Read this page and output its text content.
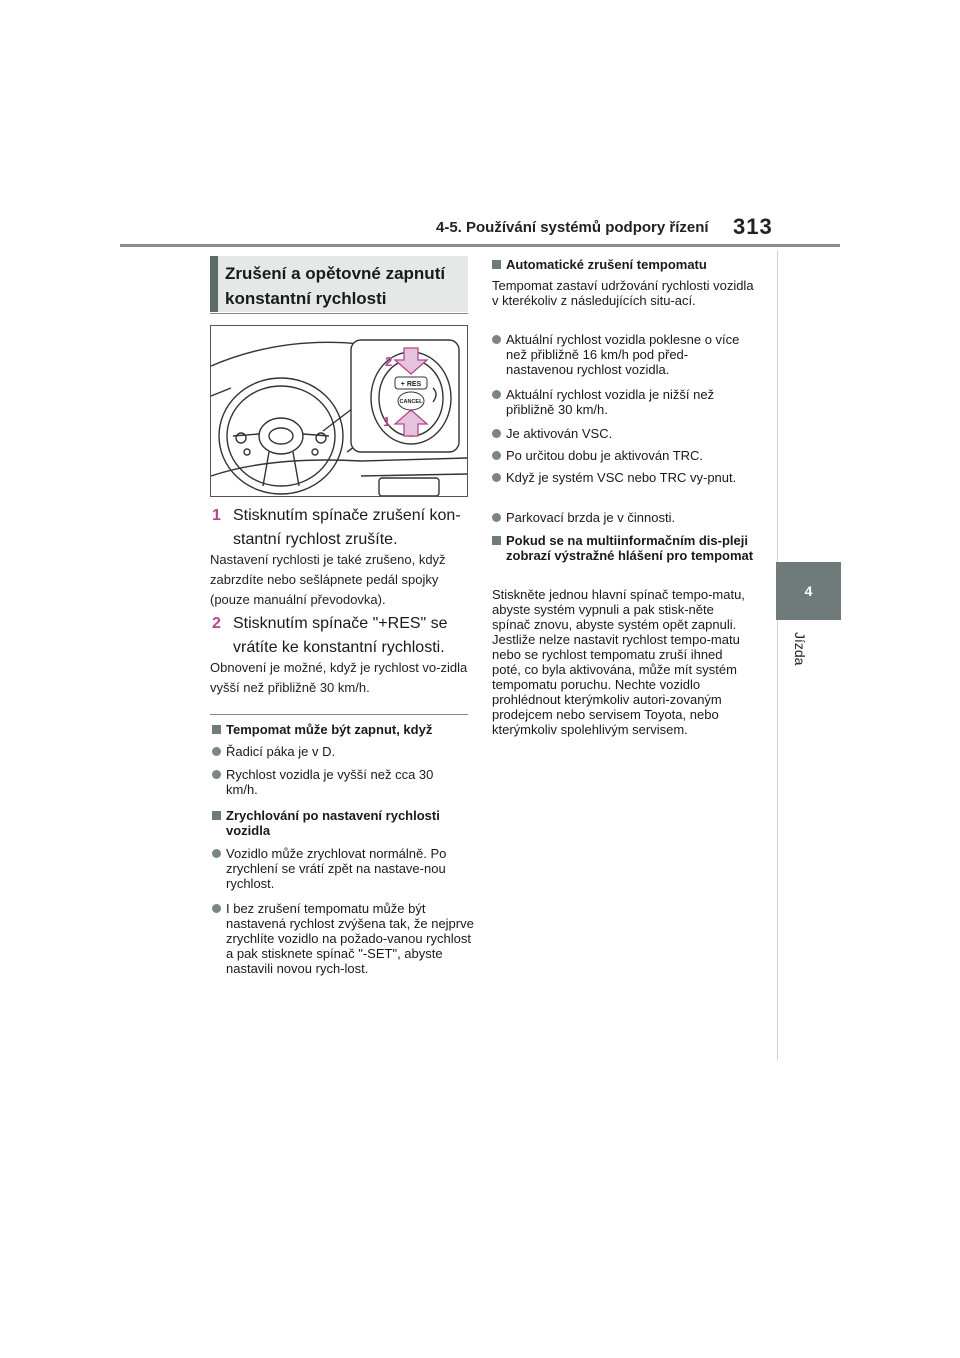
4-5. Používání systémů podpory řízení 313
4
Jízda
Zrušení a opětovné zapnutí
konstantní rychlosti
+ RES
CANCEL
2
1
1 Stisknutím spínače zrušení kon-stantní rychlost zrušíte.
Nastavení rychlosti je také zrušeno, když zabrzdíte nebo sešlápnete pedál spojky (pouze manuální převodovka).
2 Stisknutím spínače "+RES" se vrátíte ke konstantní rychlosti.
Obnovení je možné, když je rychlost vo-zidla vyšší než přibližně 30 km/h.
Tempomat může být zapnut, když
Řadicí páka je v D.
Rychlost vozidla je vyšší než cca 30 km/h.
Zrychlování po nastavení rychlosti vozidla
Vozidlo může zrychlovat normálně. Po zrychlení se vrátí zpět na nastave-nou rychlost.
I bez zrušení tempomatu může být nastavená rychlost zvýšena tak, že nejprve zrychlíte vozidlo na požado-vanou rychlost a pak stisknete spínač "-SET", abyste nastavili novou rych-lost.
Automatické zrušení tempomatu
Tempomat zastaví udržování rychlosti vozidla v kterékoliv z následujících situ-ací.
Aktuální rychlost vozidla poklesne o více než přibližně 16 km/h pod před-nastavenou rychlost vozidla.
Aktuální rychlost vozidla je nižší než přibližně 30 km/h.
Je aktivován VSC.
Po určitou dobu je aktivován TRC.
Když je systém VSC nebo TRC vy-pnut.
Parkovací brzda je v činnosti.
Pokud se na multiinformačním dis-pleji zobrazí výstražné hlášení pro tempomat
Stiskněte jednou hlavní spínač tempo-matu, abyste systém vypnuli a pak stisk-něte spínač znovu, abyste systém opět zapnuli. Jestliže nelze nastavit rychlost tempo-matu nebo se rychlost tempomatu zruší ihned poté, co byla aktivována, může mít systém tempomatu poruchu. Nechte vozidlo prohlédnout kterýmkoliv autori-zovaným prodejcem nebo servisem Toyota, nebo kterýmkoliv spolehlivým servisem.
